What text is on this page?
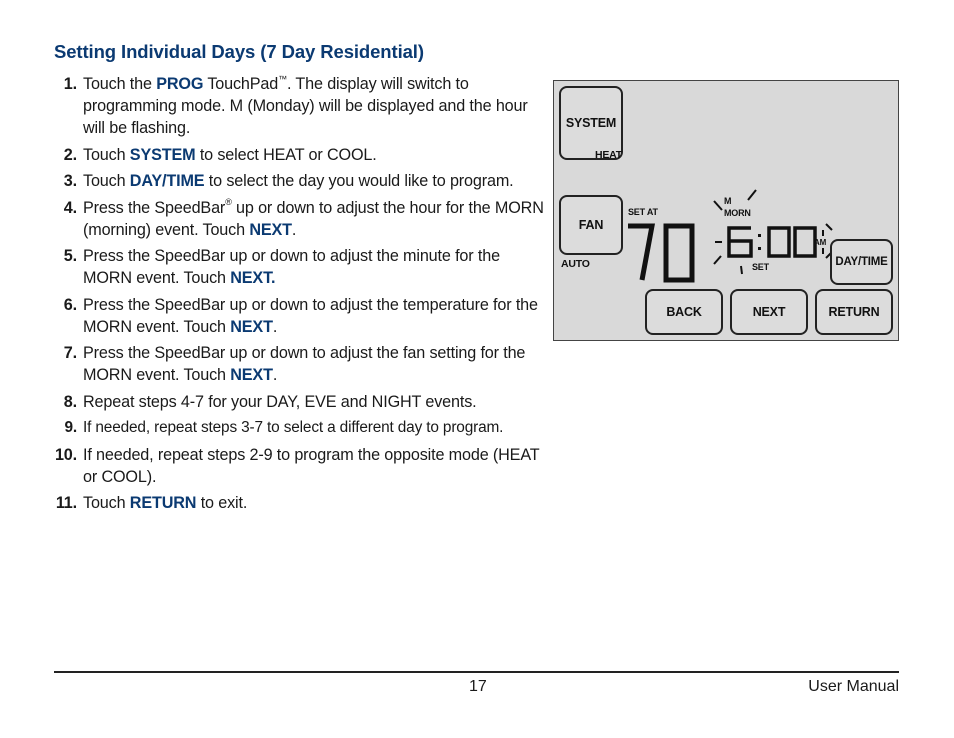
Setting Individual Days (7 Day Residential)
1. Touch the PROG TouchPad™. The display will switch to programming mode. M (Monday) will be displayed and the hour will be flashing.
2. Touch SYSTEM to select HEAT or COOL.
3. Touch DAY/TIME to select the day you would like to program.
4. Press the SpeedBar® up or down to adjust the hour for the MORN (morning) event. Touch NEXT.
5. Press the SpeedBar up or down to adjust the minute for the MORN event. Touch NEXT.
6. Press the SpeedBar up or down to adjust the temperature for the MORN event. Touch NEXT.
7. Press the SpeedBar up or down to adjust the fan setting for the MORN event. Touch NEXT.
8. Repeat steps 4-7 for your DAY, EVE and NIGHT events.
9. If needed, repeat steps 3-7 to select a different day to program.
10. If needed, repeat steps 2-9 to program the opposite mode (HEAT or COOL).
11. Touch RETURN to exit.
SYSTEM
HEAT
FAN
AUTO
SET AT
M
MORN
AM
SET	DAY/TIME
BACK	NEXT	RETURN
17	User Manual
